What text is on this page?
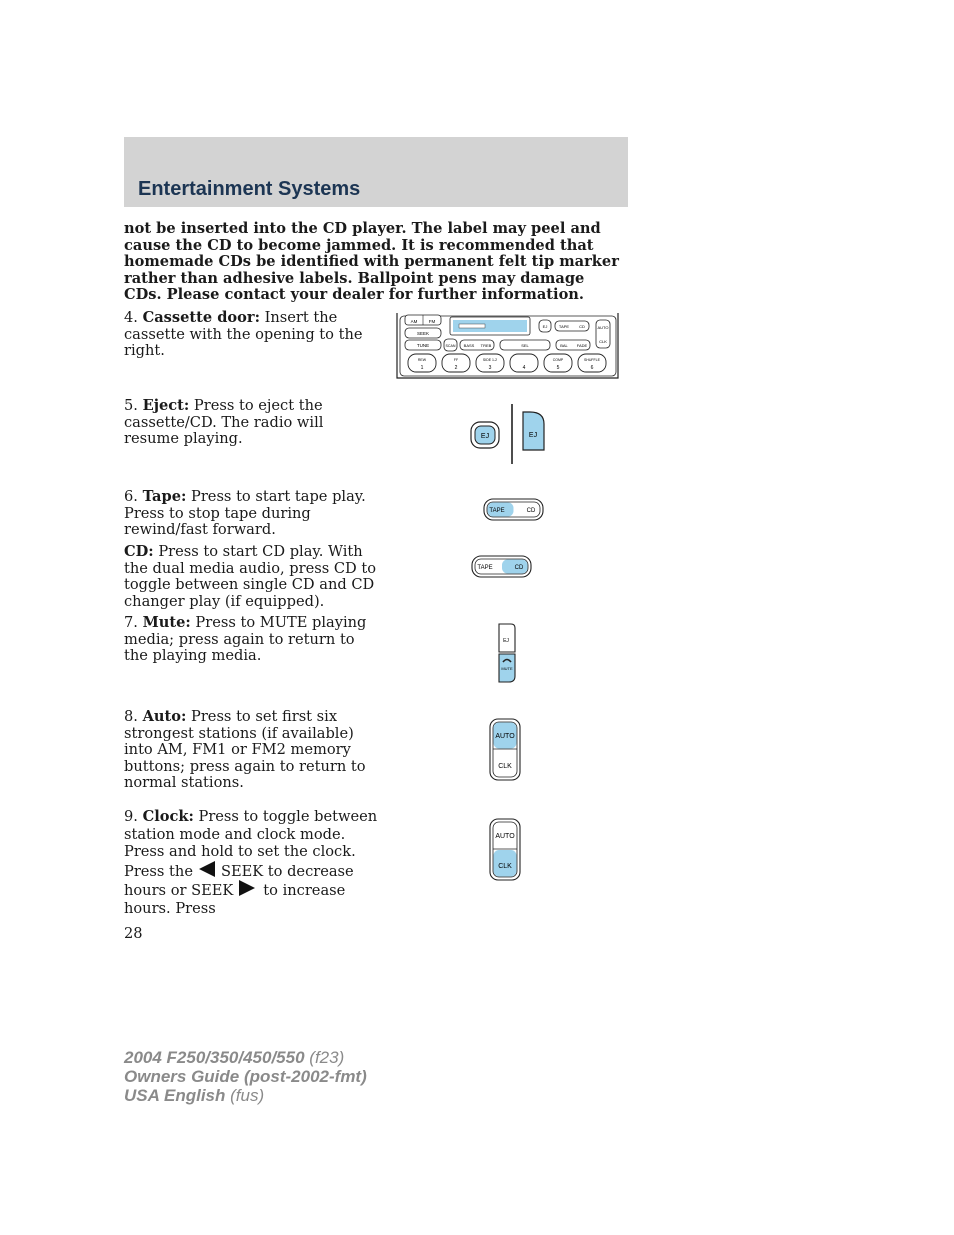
Entertainment Systems
not be inserted into the CD player. The label may peel and cause the CD to become jammed. It is recommended that homemade CDs be identified with permanent felt tip marker rather than adhesive labels. Ballpoint pens may damage CDs. Please contact your dealer for further information.
4. Cassette door: Insert the cassette with the opening to the right.
5. Eject: Press to eject the cassette/CD. The radio will resume playing.
6. Tape: Press to start tape play. Press to stop tape during rewind/fast forward.
CD: Press to start CD play. With the dual media audio, press CD to toggle between single CD and CD changer play (if equipped).
7. Mute: Press to MUTE playing media; press again to return to the playing media.
8. Auto: Press to set first six strongest stations (if available) into AM, FM1 or FM2 memory buttons; press again to return to normal stations.
9. Clock: Press to toggle between station mode and clock mode. Press and hold to set the clock. Press the SEEK to decrease hours or SEEK to increase hours. Press
AM	FM
SEEK
TUNE
EJ	TAPE	CD	AUTO
CLK
SCAN BASS TREB	SEL	BAL FADE
REW
1
FF
2
SIDE 1-2
3	4
COMP
5
SHUFFLE
6
EJ	EJ
TAPE	CD
TAPE	CD
EJ
MUTE
AUTO
CLK
AUTO
CLK
28
2004 F250/350/450/550 (f23)
Owners Guide (post-2002-fmt)
USA English (fus)
